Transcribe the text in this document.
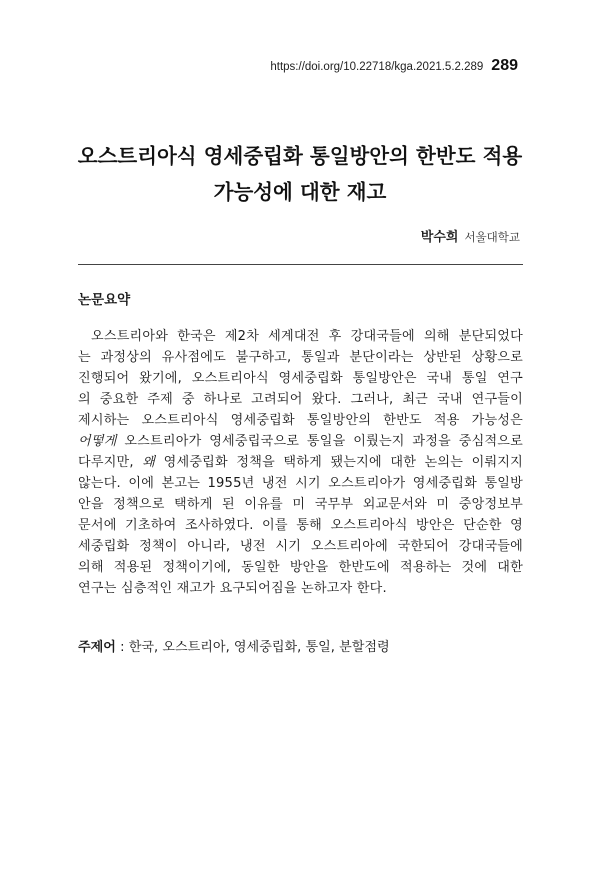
https://doi.org/10.22718/kga.2021.5.2.289 289
오스트리아식 영세중립화 통일방안의 한반도 적용
가능성에 대한 재고
박수희 서울대학교
논문요약
오스트리아와 한국은 제2차 세계대전 후 강대국들에 의해 분단되었다
는 과정상의 유사점에도 불구하고, 통일과 분단이라는 상반된 상황으로
진행되어 왔기에, 오스트리아식 영세중립화 통일방안은 국내 통일 연구
의 중요한 주제 중 하나로 고려되어 왔다. 그러나, 최근 국내 연구들이
제시하는 오스트리아식 영세중립화 통일방안의 한반도 적용 가능성은
어떻게 오스트리아가 영세중립국으로 통일을 이뤘는지 과정을 중심적으로
다루지만, 왜 영세중립화 정책을 택하게 됐는지에 대한 논의는 이뤄지지
않는다. 이에 본고는 1955년 냉전 시기 오스트리아가 영세중립화 통일방
안을 정책으로 택하게 된 이유를 미 국무부 외교문서와 미 중앙정보부
문서에 기초하여 조사하였다. 이를 통해 오스트리아식 방안은 단순한 영
세중립화 정책이 아니라, 냉전 시기 오스트리아에 국한되어 강대국들에
의해 적용된 정책이기에, 동일한 방안을 한반도에 적용하는 것에 대한
연구는 심층적인 재고가 요구되어짐을 논하고자 한다.
주제어 : 한국, 오스트리아, 영세중립화, 통일, 분할점령
